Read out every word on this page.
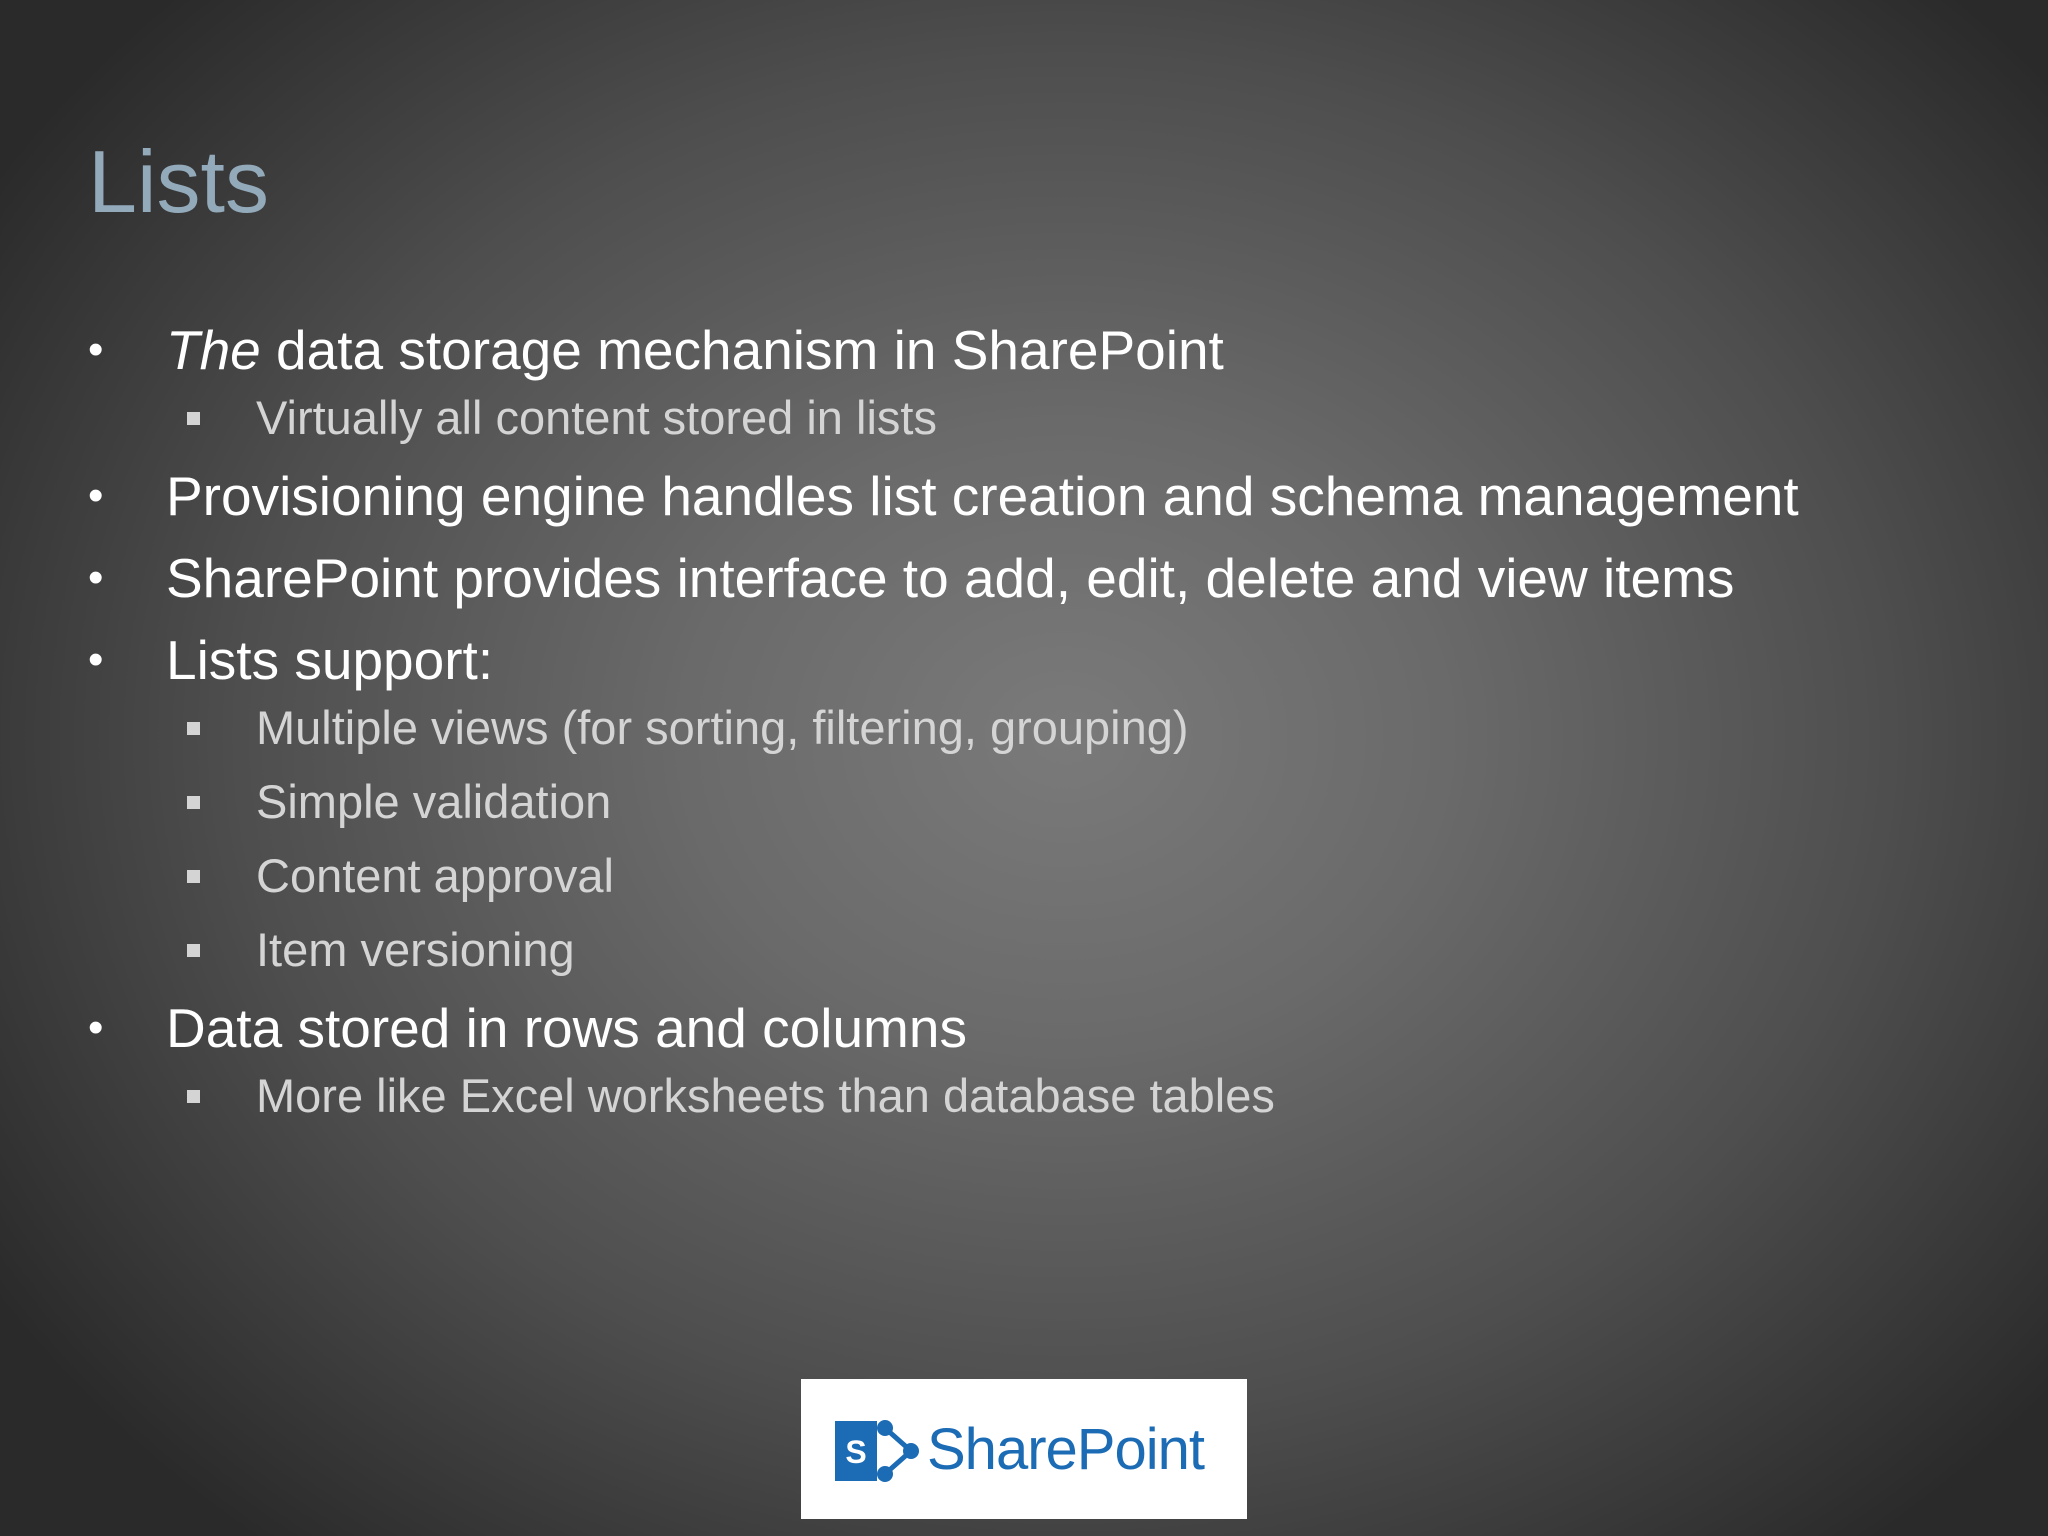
Lists
•	The data storage mechanism in SharePoint
Virtually all content stored in lists
•	Provisioning engine handles list creation and schema management
•	SharePoint provides interface to add, edit, delete and view items
•	Lists support:
Multiple views (for sorting, filtering, grouping)
Simple validation
Content approval
Item versioning
•	Data stored in rows and columns
More like Excel worksheets than database tables
S SharePoint
